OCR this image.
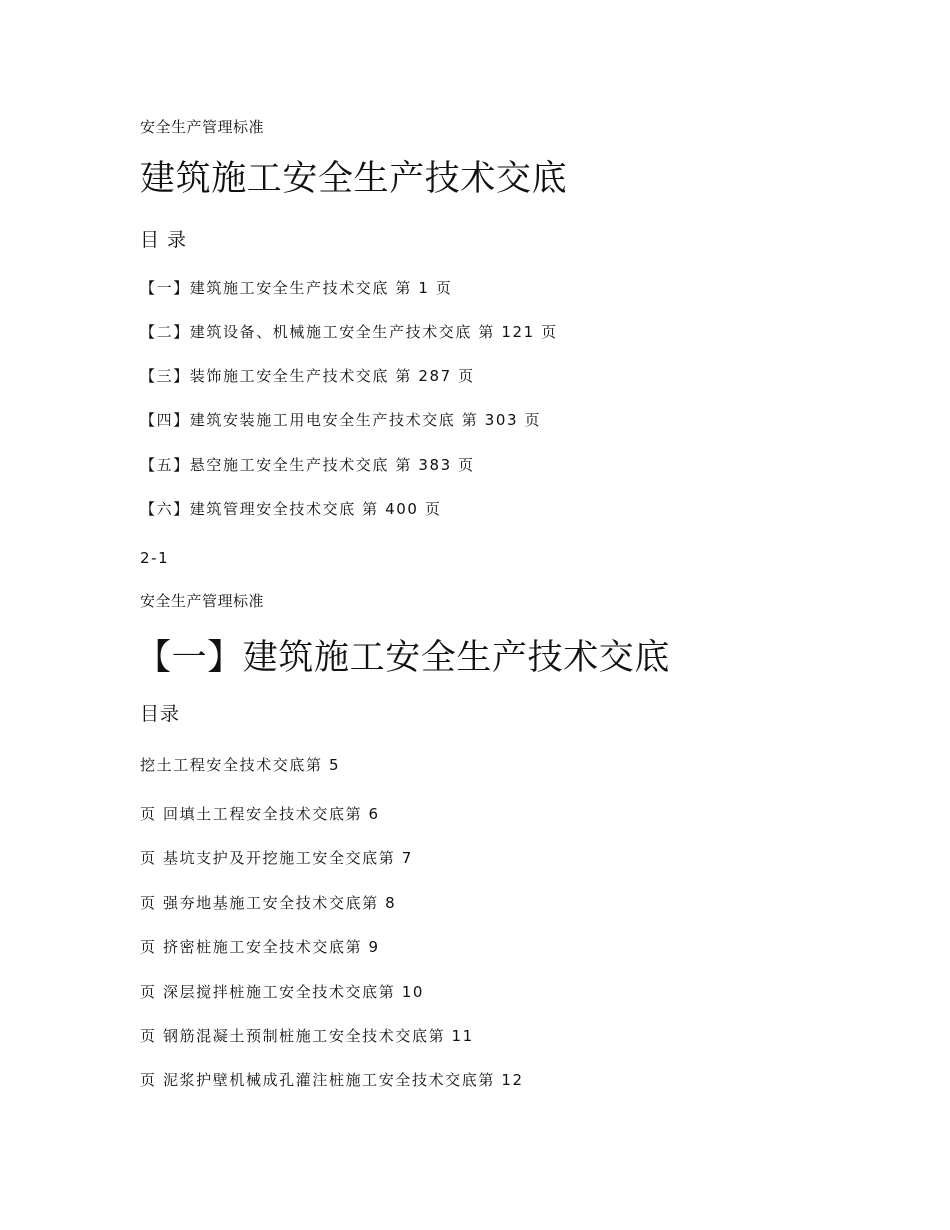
安全生产管理标准
建筑施工安全生产技术交底
目 录
【一】建筑施工安全生产技术交底 第 1 页
【二】建筑设备、机械施工安全生产技术交底 第 121 页
【三】装饰施工安全生产技术交底 第 287 页
【四】建筑安装施工用电安全生产技术交底 第 303 页
【五】悬空施工安全生产技术交底 第 383 页
【六】建筑管理安全技术交底 第 400 页
2-1
安全生产管理标准
【一】建筑施工安全生产技术交底
目录
挖土工程安全技术交底第 5
页 回填土工程安全技术交底第 6
页 基坑支护及开挖施工安全交底第 7
页 强夯地基施工安全技术交底第 8
页 挤密桩施工安全技术交底第 9
页 深层搅拌桩施工安全技术交底第 10
页 钢筋混凝土预制桩施工安全技术交底第 11
页 泥浆护壁机械成孔灌注桩施工安全技术交底第 12
